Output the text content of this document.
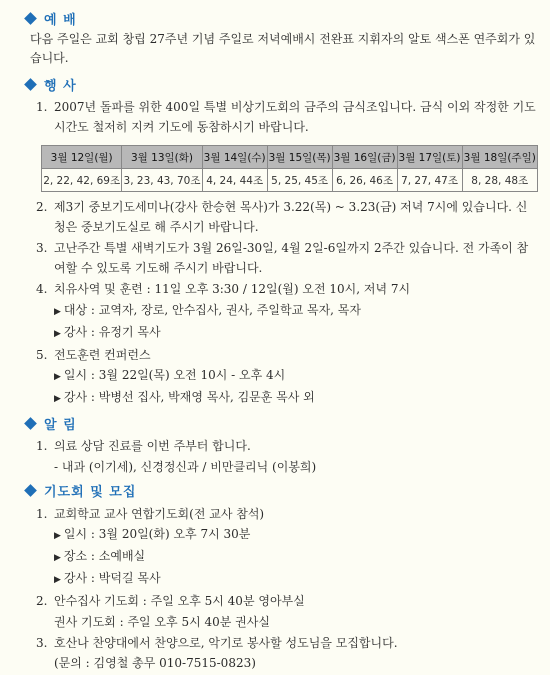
예 배

다음 주일은 교회 창립 27주년 기념 주일로 저녁예배시 전완표 지휘자의 알토 색스폰 연주회가 있습니다.

행 사
1. 2007년 돌파를 위한 400일 특별 비상기도회의 금주의 금식조입니다. 금식 이외 작정한 기도시간도 철저히 지켜 기도에 동참하시기 바랍니다.
3월 12일(월)	3월 13일(화)	3월 14일(수)	3월 15일(목)	3월 16일(금)	3월 17일(토)	3월 18일(주일)
2, 22, 42, 69조	3, 23, 43, 70조	4, 24, 44조	5, 25, 45조	6, 26, 46조	7, 27, 47조	8, 28, 48조
2. 제3기 중보기도세미나(강사 한승현 목사)가 3.22(목) ~ 3.23(금) 저녁 7시에 있습니다. 신청은 중보기도실로 해 주시기 바랍니다.
3. 고난주간 특별 새벽기도가 3월 26일-30일, 4월 2일-6일까지 2주간 있습니다. 전 가족이 참여할 수 있도록 기도해 주시기 바랍니다.
4. 치유사역 및 훈련 : 11일 오후 3:30 / 12일(월) 오전 10시, 저녁 7시
▶ 대상 : 교역자, 장로, 안수집사, 권사, 주일학교 목자, 목자
▶ 강사 : 유정기 목사
5. 전도훈련 컨퍼런스
▶ 일시 : 3월 22일(목) 오전 10시 - 오후 4시
▶ 강사 : 박병선 집사, 박재영 목사, 김문훈 목사 외
알 림
1. 의료 상담 진료를 이번 주부터 합니다.
- 내과 (이기세), 신경정신과 / 비만클리닉 (이봉희)
기도회 및 모집
1. 교회학교 교사 연합기도회(전 교사 참석)
▶ 일시 : 3월 20일(화) 오후 7시 30분
▶ 장소 : 소예배실
▶ 강사 : 박덕길 목사
2. 안수집사 기도회 : 주일 오후 5시 40분 영아부실
권사 기도회 : 주일 오후 5시 40분 권사실
3. 호산나 찬양대에서 찬양으로, 악기로 봉사할 성도님을 모집합니다.
(문의 : 김영철 총무 010-7515-0823)
